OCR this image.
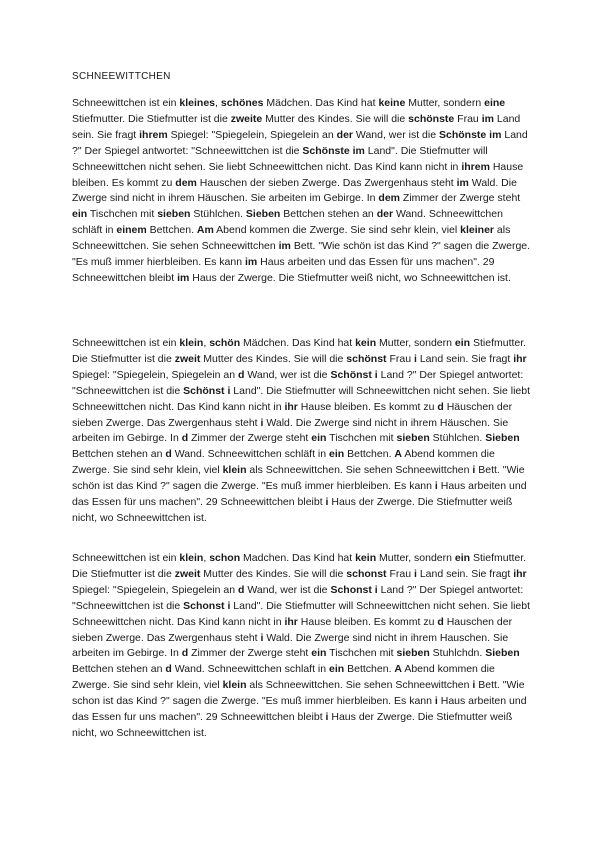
SCHNEEWITTCHEN

Schneewittchen ist ein kleines, schönes Mädchen. Das Kind hat keine Mutter, sondern eine Stiefmutter. Die Stiefmutter ist die zweite Mutter des Kindes. Sie will die schönste Frau im Land sein. Sie fragt ihrem Spiegel: "Spiegelein, Spiegelein an der Wand, wer ist die Schönste im Land ?" Der Spiegel antwortet: "Schneewittchen ist die Schönste im Land". Die Stiefmutter will Schneewittchen nicht sehen. Sie liebt Schneewittchen nicht. Das Kind kann nicht in ihrem Hause bleiben. Es kommt zu dem Hauschen der sieben Zwerge. Das Zwergenhaus steht im Wald. Die Zwerge sind nicht in ihrem Häuschen. Sie arbeiten im Gebirge. In dem Zimmer der Zwerge steht ein Tischchen mit sieben Stühlchen. Sieben Bettchen stehen an der Wand. Schneewittchen schläft in einem Bettchen. Am Abend kommen die Zwerge. Sie sind sehr klein, viel kleiner als Schneewittchen. Sie sehen Schneewittchen im Bett. "Wie schön ist das Kind ?" sagen die Zwerge. "Es muß immer hierbleiben. Es kann im Haus arbeiten und das Essen für uns machen". 29 Schneewittchen bleibt im Haus der Zwerge. Die Stiefmutter weiß nicht, wo Schneewittchen ist.

Schneewittchen ist ein klein, schön Mädchen. Das Kind hat kein Mutter, sondern ein Stiefmutter. Die Stiefmutter ist die zweit Mutter des Kindes. Sie will die schönst Frau i Land sein. Sie fragt ihr Spiegel: "Spiegelein, Spiegelein an d Wand, wer ist die Schönst i Land ?" Der Spiegel antwortet: "Schneewittchen ist die Schönst i Land". Die Stiefmutter will Schneewittchen nicht sehen. Sie liebt Schneewittchen nicht. Das Kind kann nicht in ihr Hause bleiben. Es kommt zu d Häuschen der sieben Zwerge. Das Zwergenhaus steht i Wald. Die Zwerge sind nicht in ihrem Häuschen. Sie arbeiten im Gebirge. In d Zimmer der Zwerge steht ein Tischchen mit sieben Stühlchen. Sieben Bettchen stehen an d Wand. Schneewittchen schläft in ein Bettchen. A Abend kommen die Zwerge. Sie sind sehr klein, viel klein als Schneewittchen. Sie sehen Schneewittchen i Bett. "Wie schön ist das Kind ?" sagen die Zwerge. "Es muß immer hierbleiben. Es kann i Haus arbeiten und das Essen für uns machen". 29 Schneewittchen bleibt i Haus der Zwerge. Die Stiefmutter weiß nicht, wo Schneewittchen ist.

Schneewittchen ist ein klein, schon Madchen. Das Kind hat kein Mutter, sondern ein Stiefmutter. Die Stiefmutter ist die zweit Mutter des Kindes. Sie will die schonst Frau i Land sein. Sie fragt ihr Spiegel: "Spiegelein, Spiegelein an d Wand, wer ist die Schonst i Land ?" Der Spiegel antwortet: "Schneewittchen ist die Schonst i Land". Die Stiefmutter will Schneewittchen nicht sehen. Sie liebt Schneewittchen nicht. Das Kind kann nicht in ihr Hause bleiben. Es kommt zu d Hauschen der sieben Zwerge. Das Zwergenhaus steht i Wald. Die Zwerge sind nicht in ihrem Hauschen. Sie arbeiten im Gebirge. In d Zimmer der Zwerge steht ein Tischchen mit sieben Stuhlchdn. Sieben Bettchen stehen an d Wand. Schneewittchen schlaft in ein Bettchen. A Abend kommen die Zwerge. Sie sind sehr klein, viel klein als Schneewittchen. Sie sehen Schneewittchen i Bett. "Wie schon ist das Kind ?" sagen die Zwerge. "Es muß immer hierbleiben. Es kann i Haus arbeiten und das Essen fur uns machen". 29 Schneewittchen bleibt i Haus der Zwerge. Die Stiefmutter weiß nicht, wo Schneewittchen ist.
